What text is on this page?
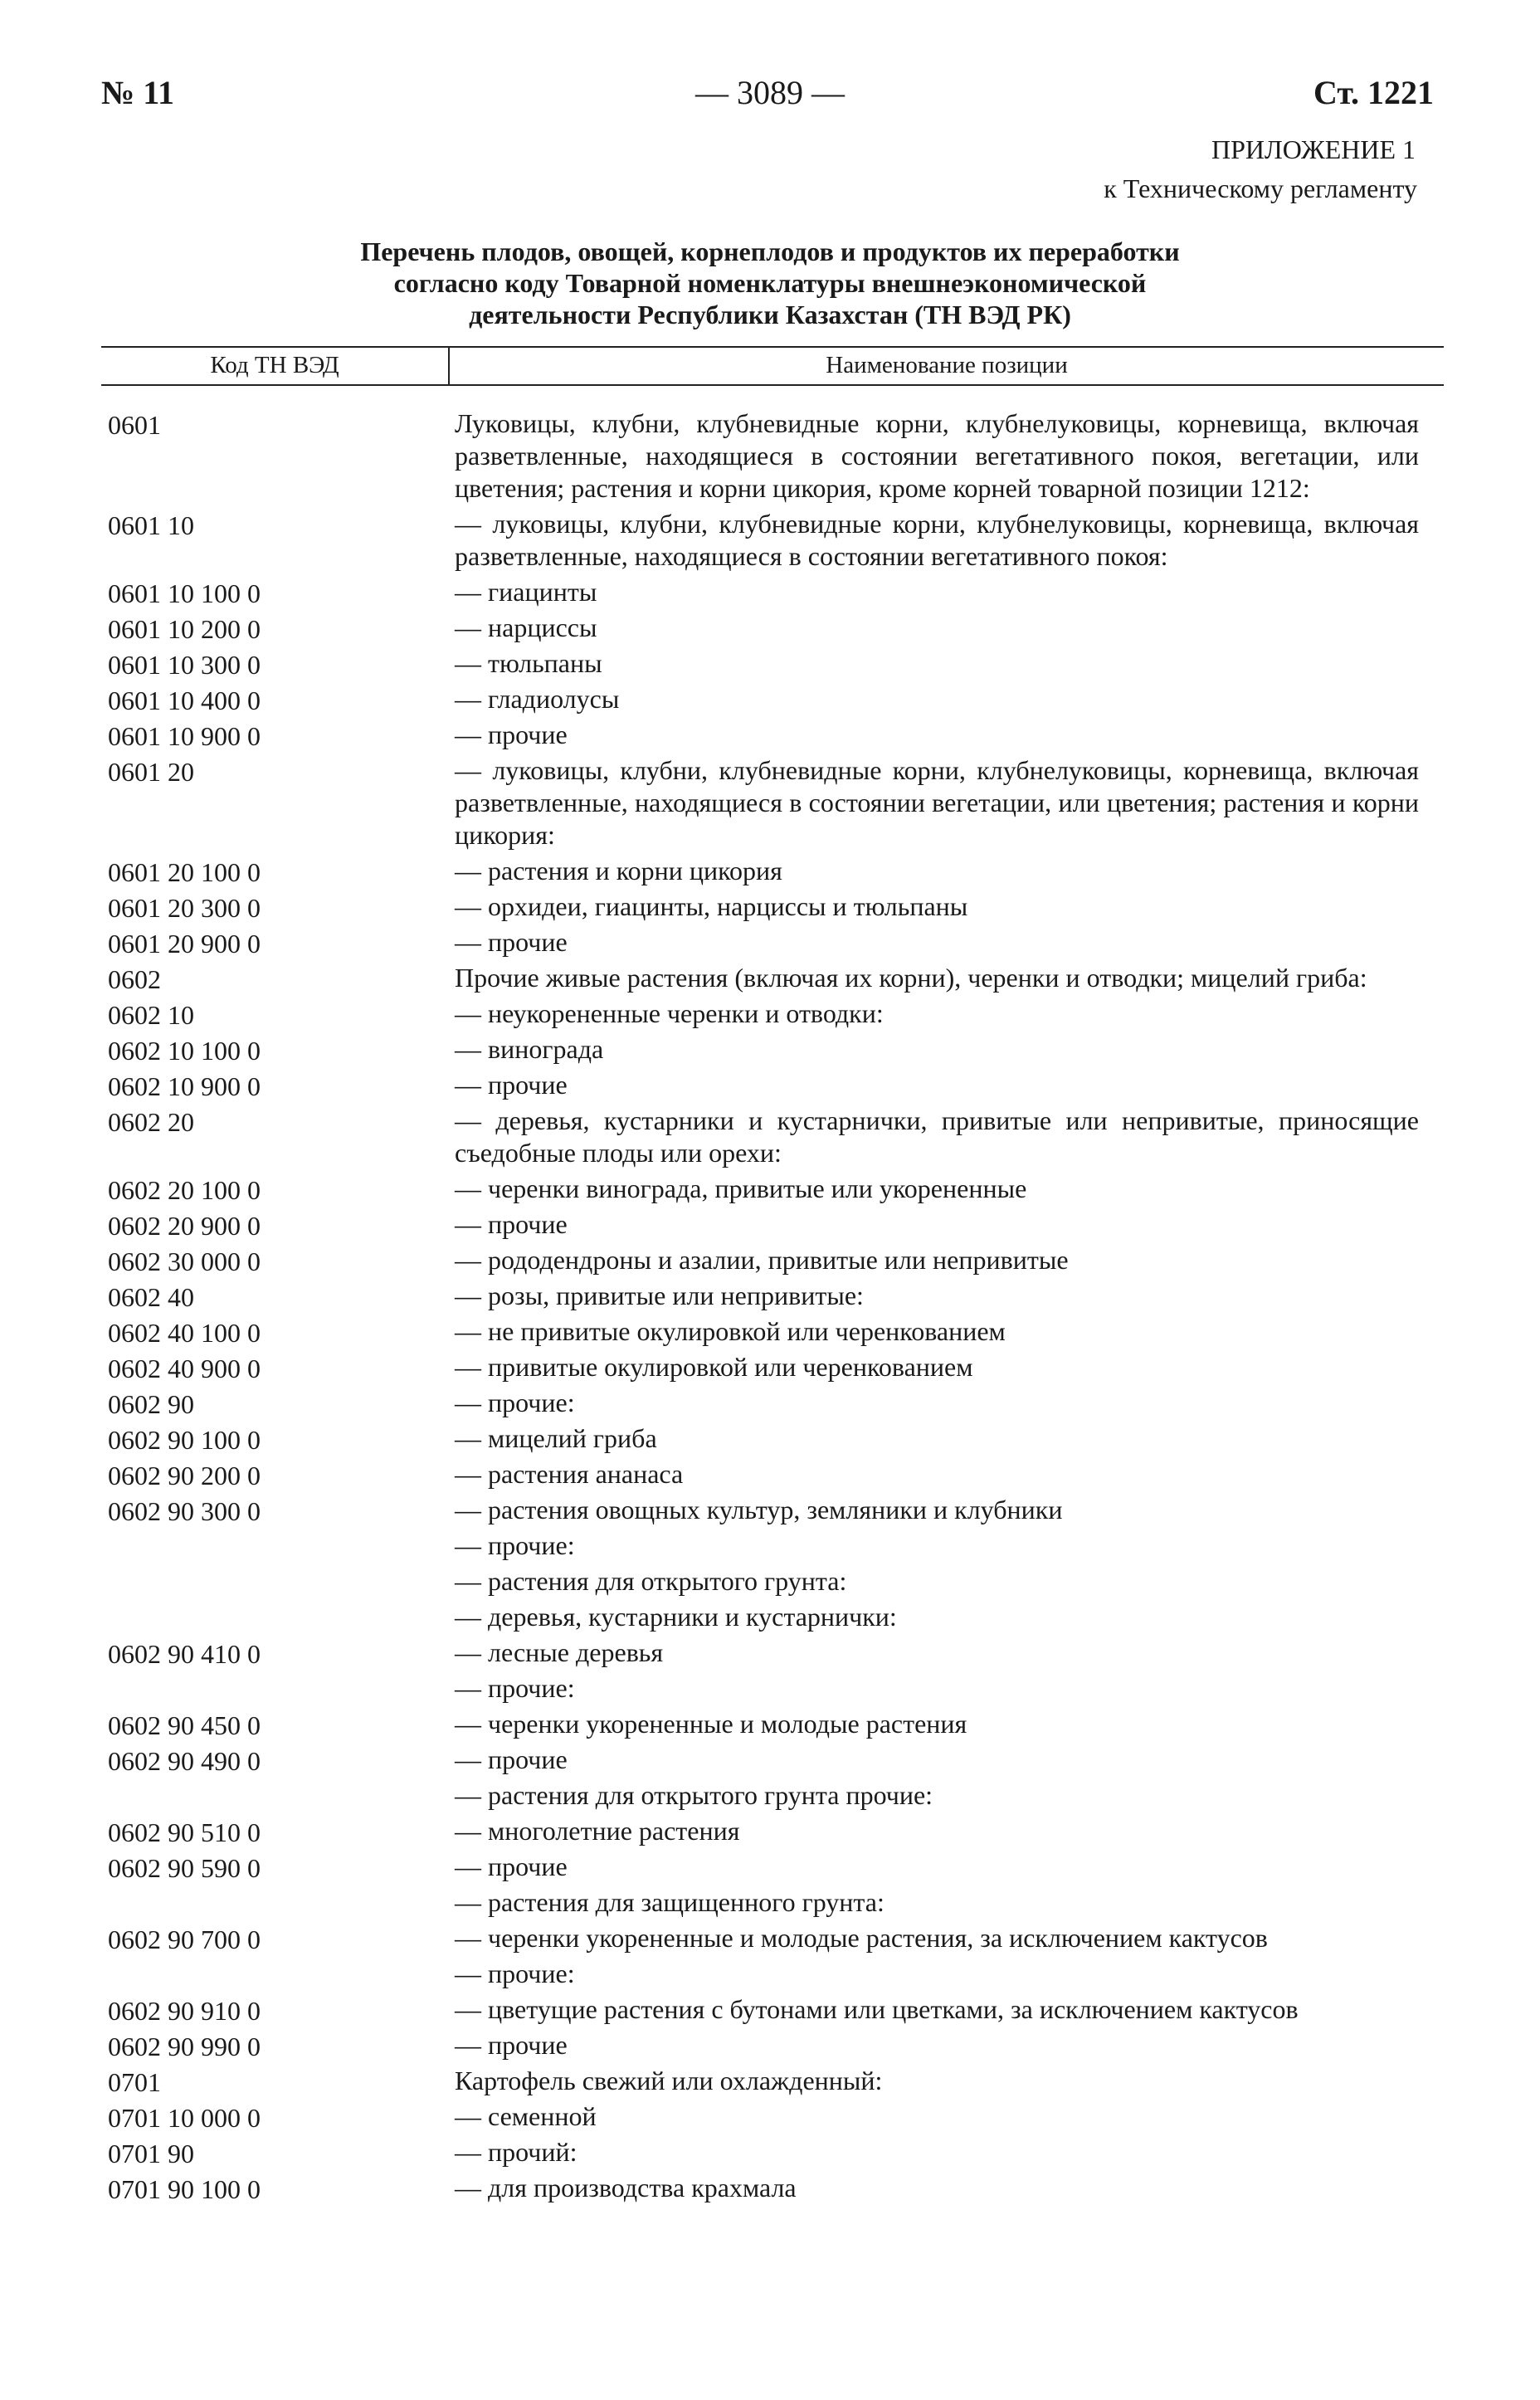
№ 11	— 3089 —	Ст. 1221
ПРИЛОЖЕНИЕ 1
к Техническому регламенту
Перечень плодов, овощей, корнеплодов и продуктов их переработки
согласно коду Товарной номенклатуры внешнеэкономической
деятельности Республики Казахстан (ТН ВЭД РК)
Код ТН ВЭД	Наименование позиции
0601	Луковицы, клубни, клубневидные корни, клубнелуковицы, корневища, включая разветвленные, находящиеся в состоянии вегетативного покоя, вегетации, или цветения; растения и корни цикория, кроме корней товарной позиции 1212:
0601 10	— луковицы, клубни, клубневидные корни, клубнелуковицы, корневища, включая разветвленные, находящиеся в состоянии вегетативного покоя:
0601 10 100 0	— гиацинты
0601 10 200 0	— нарциссы
0601 10 300 0	— тюльпаны
0601 10 400 0	— гладиолусы
0601 10 900 0	— прочие
0601 20	— луковицы, клубни, клубневидные корни, клубнелуковицы, корневища, включая разветвленные, находящиеся в состоянии вегетации, или цветения; растения и корни цикория:
0601 20 100 0	— растения и корни цикория
0601 20 300 0	— орхидеи, гиацинты, нарциссы и тюльпаны
0601 20 900 0	— прочие
0602	Прочие живые растения (включая их корни), черенки и отводки; мицелий гриба:
0602 10	— неукорененные черенки и отводки:
0602 10 100 0	— винограда
0602 10 900 0	— прочие
0602 20	— деревья, кустарники и кустарнички, привитые или непривитые, приносящие съедобные плоды или орехи:
0602 20 100 0	— черенки винограда, привитые или укорененные
0602 20 900 0	— прочие
0602 30 000 0	— рододендроны и азалии, привитые или непривитые
0602 40	— розы, привитые или непривитые:
0602 40 100 0	— не привитые окулировкой или черенкованием
0602 40 900 0	— привитые окулировкой или черенкованием
0602 90	— прочие:
0602 90 100 0	— мицелий гриба
0602 90 200 0	— растения ананаса
0602 90 300 0	— растения овощных культур, земляники и клубники
— прочие:
— растения для открытого грунта:
— деревья, кустарники и кустарнички:
0602 90 410 0	— лесные деревья
— прочие:
0602 90 450 0	— черенки укорененные и молодые растения
0602 90 490 0	— прочие
— растения для открытого грунта прочие:
0602 90 510 0	— многолетние растения
0602 90 590 0	— прочие
— растения для защищенного грунта:
0602 90 700 0	— черенки укорененные и молодые растения, за исключением кактусов
— прочие:
0602 90 910 0	— цветущие растения с бутонами или цветками, за исключением кактусов
0602 90 990 0	— прочие
0701	Картофель свежий или охлажденный:
0701 10 000 0	— семенной
0701 90	— прочий:
0701 90 100 0	— для производства крахмала
